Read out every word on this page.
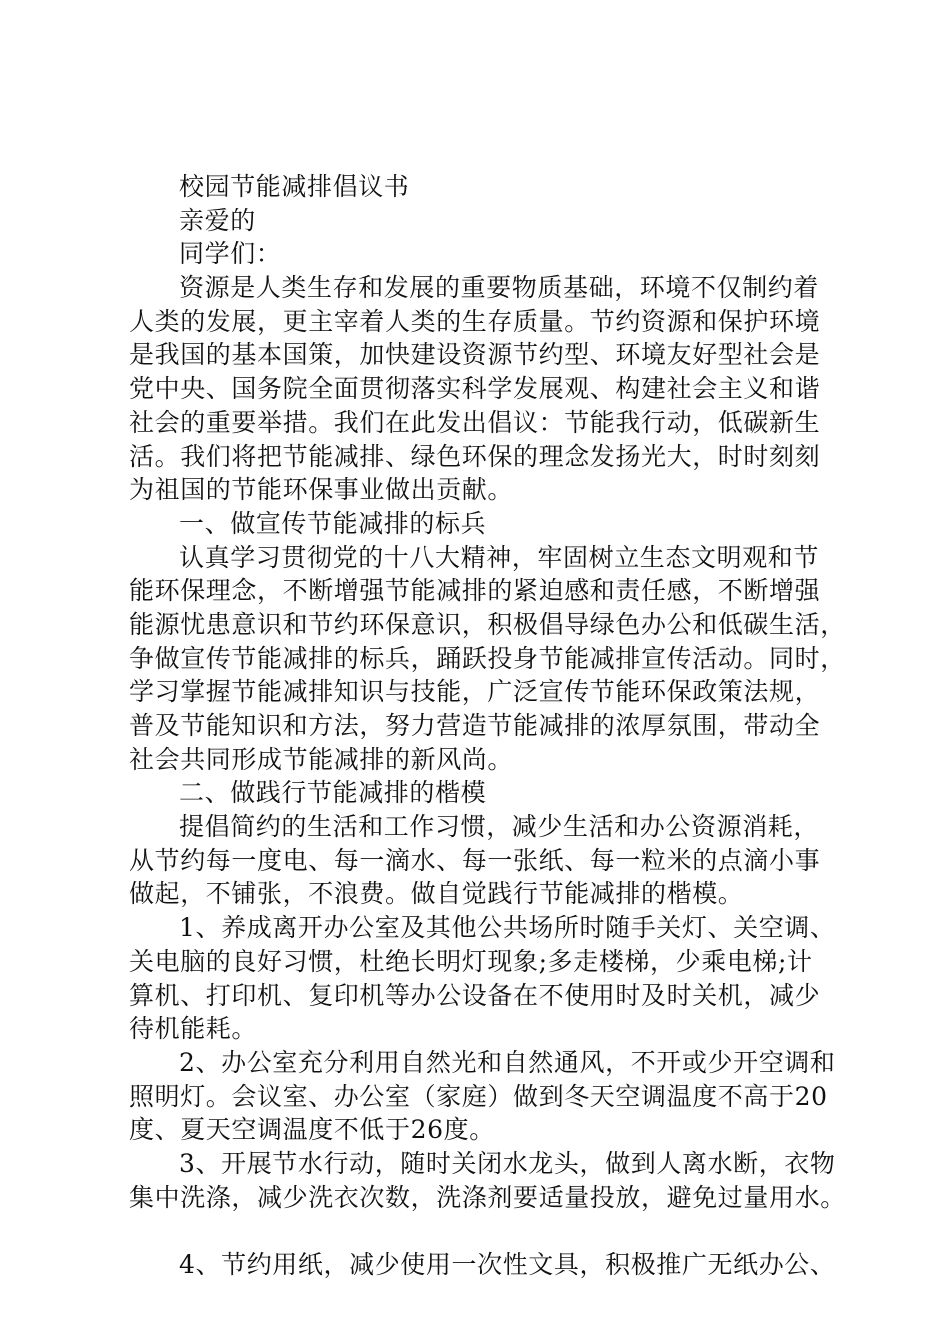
校园节能减排倡议书
亲爱的
同学们：
资源是人类生存和发展的重要物质基础，环境不仅制约着
人类的发展，更主宰着人类的生存质量。节约资源和保护环境
是我国的基本国策，加快建设资源节约型、环境友好型社会是
党中央、国务院全面贯彻落实科学发展观、构建社会主义和谐
社会的重要举措。我们在此发出倡议：节能我行动，低碳新生
活。我们将把节能减排、绿色环保的理念发扬光大，时时刻刻
为祖国的节能环保事业做出贡献。
一、做宣传节能减排的标兵
认真学习贯彻党的十八大精神，牢固树立生态文明观和节
能环保理念，不断增强节能减排的紧迫感和责任感，不断增强
能源忧患意识和节约环保意识，积极倡导绿色办公和低碳生活，
争做宣传节能减排的标兵，踊跃投身节能减排宣传活动。同时，
学习掌握节能减排知识与技能，广泛宣传节能环保政策法规，
普及节能知识和方法，努力营造节能减排的浓厚氛围，带动全
社会共同形成节能减排的新风尚。
二、做践行节能减排的楷模
提倡简约的生活和工作习惯，减少生活和办公资源消耗，
从节约每一度电、每一滴水、每一张纸、每一粒米的点滴小事
做起，不铺张，不浪费。做自觉践行节能减排的楷模。
1、养成离开办公室及其他公共场所时随手关灯、关空调、
关电脑的良好习惯，杜绝长明灯现象;多走楼梯，少乘电梯;计
算机、打印机、复印机等办公设备在不使用时及时关机，减少
待机能耗。
2、办公室充分利用自然光和自然通风，不开或少开空调和
照明灯。会议室、办公室（家庭）做到冬天空调温度不高于20
度、夏天空调温度不低于26度。
3、开展节水行动，随时关闭水龙头，做到人离水断，衣物
集中洗涤，减少洗衣次数，洗涤剂要适量投放，避免过量用水。
4、节约用纸，减少使用一次性文具，积极推广无纸办公、
